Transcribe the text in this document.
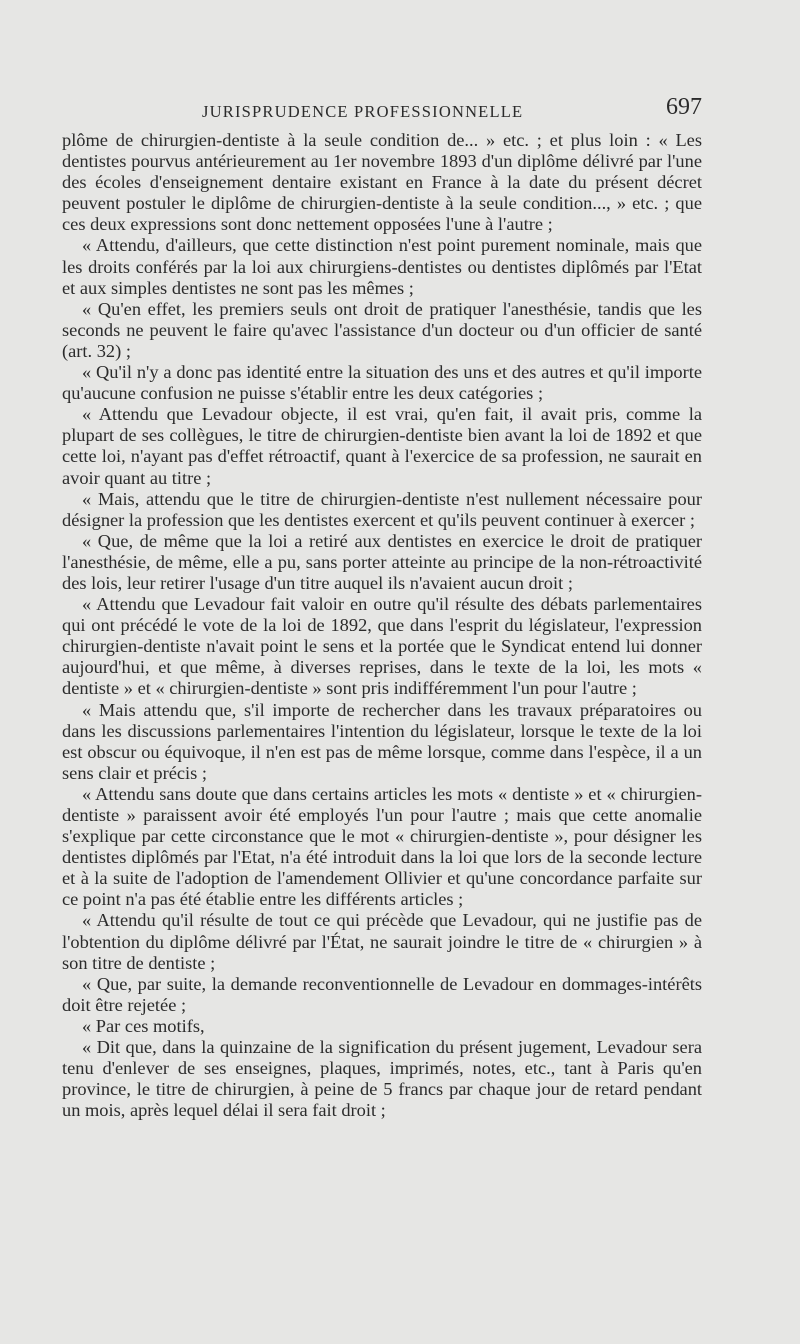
JURISPRUDENCE PROFESSIONNELLE	697

plôme de chirurgien-dentiste à la seule condition de... » etc. ; et plus loin : « Les dentistes pourvus antérieurement au 1er novembre 1893 d'un diplôme délivré par l'une des écoles d'enseignement dentaire existant en France à la date du présent décret peuvent postuler le diplôme de chirurgien-dentiste à la seule condition..., » etc. ; que ces deux expressions sont donc nettement opposées l'une à l'autre ;

« Attendu, d'ailleurs, que cette distinction n'est point purement nominale, mais que les droits conférés par la loi aux chirurgiens-dentistes ou dentistes diplômés par l'Etat et aux simples dentistes ne sont pas les mêmes ;

« Qu'en effet, les premiers seuls ont droit de pratiquer l'anesthésie, tandis que les seconds ne peuvent le faire qu'avec l'assistance d'un docteur ou d'un officier de santé (art. 32) ;

« Qu'il n'y a donc pas identité entre la situation des uns et des autres et qu'il importe qu'aucune confusion ne puisse s'établir entre les deux catégories ;

« Attendu que Levadour objecte, il est vrai, qu'en fait, il avait pris, comme la plupart de ses collègues, le titre de chirurgien-dentiste bien avant la loi de 1892 et que cette loi, n'ayant pas d'effet rétroactif, quant à l'exercice de sa profession, ne saurait en avoir quant au titre ;

« Mais, attendu que le titre de chirurgien-dentiste n'est nullement nécessaire pour désigner la profession que les dentistes exercent et qu'ils peuvent continuer à exercer ;

« Que, de même que la loi a retiré aux dentistes en exercice le droit de pratiquer l'anesthésie, de même, elle a pu, sans porter atteinte au principe de la non-rétroactivité des lois, leur retirer l'usage d'un titre auquel ils n'avaient aucun droit ;

« Attendu que Levadour fait valoir en outre qu'il résulte des débats parlementaires qui ont précédé le vote de la loi de 1892, que dans l'esprit du législateur, l'expression chirurgien-dentiste n'avait point le sens et la portée que le Syndicat entend lui donner aujourd'hui, et que même, à diverses reprises, dans le texte de la loi, les mots « dentiste » et « chirurgien-dentiste » sont pris indifféremment l'un pour l'autre ;

« Mais attendu que, s'il importe de rechercher dans les travaux préparatoires ou dans les discussions parlementaires l'intention du législateur, lorsque le texte de la loi est obscur ou équivoque, il n'en est pas de même lorsque, comme dans l'espèce, il a un sens clair et précis ;

« Attendu sans doute que dans certains articles les mots « dentiste » et « chirurgien-dentiste » paraissent avoir été employés l'un pour l'autre ; mais que cette anomalie s'explique par cette circonstance que le mot « chirurgien-dentiste », pour désigner les dentistes diplômés par l'Etat, n'a été introduit dans la loi que lors de la seconde lecture et à la suite de l'adoption de l'amendement Ollivier et qu'une concordance parfaite sur ce point n'a pas été établie entre les différents articles ;

« Attendu qu'il résulte de tout ce qui précède que Levadour, qui ne justifie pas de l'obtention du diplôme délivré par l'État, ne saurait joindre le titre de « chirurgien » à son titre de dentiste ;

« Que, par suite, la demande reconventionnelle de Levadour en dommages-intérêts doit être rejetée ;

« Par ces motifs,

« Dit que, dans la quinzaine de la signification du présent jugement, Levadour sera tenu d'enlever de ses enseignes, plaques, imprimés, notes, etc., tant à Paris qu'en province, le titre de chirurgien, à peine de 5 francs par chaque jour de retard pendant un mois, après lequel délai il sera fait droit ;
